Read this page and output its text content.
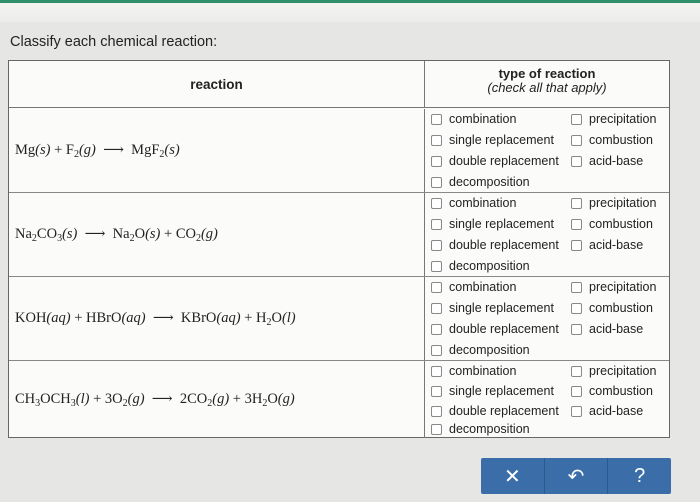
Classify each chemical reaction:
reaction
type of reaction
(check all that apply)
$Mg(s) + F_2(g)$  ⟶  MgF$_2$(s)
combination
single replacement
double replacement
decomposition
precipitation
combustion
acid-base
$Na_2CO_3(s)$  ⟶  $Na_2O(s) + CO_2(g)$
combination
single replacement
double replacement
decomposition
precipitation
combustion
acid-base
KOH(aq) + HBrO(aq)  ⟶  KBrO(aq) + $H_2O(l)$
combination
single replacement
double replacement
decomposition
precipitation
combustion
acid-base
$CH_3OCH_3(l) + 3O_2(g)$  ⟶  $2CO_2(g) + 3H_2O(g)$
combination
single replacement
double replacement
decomposition
precipitation
combustion
acid-base
✕ ↶ ?
